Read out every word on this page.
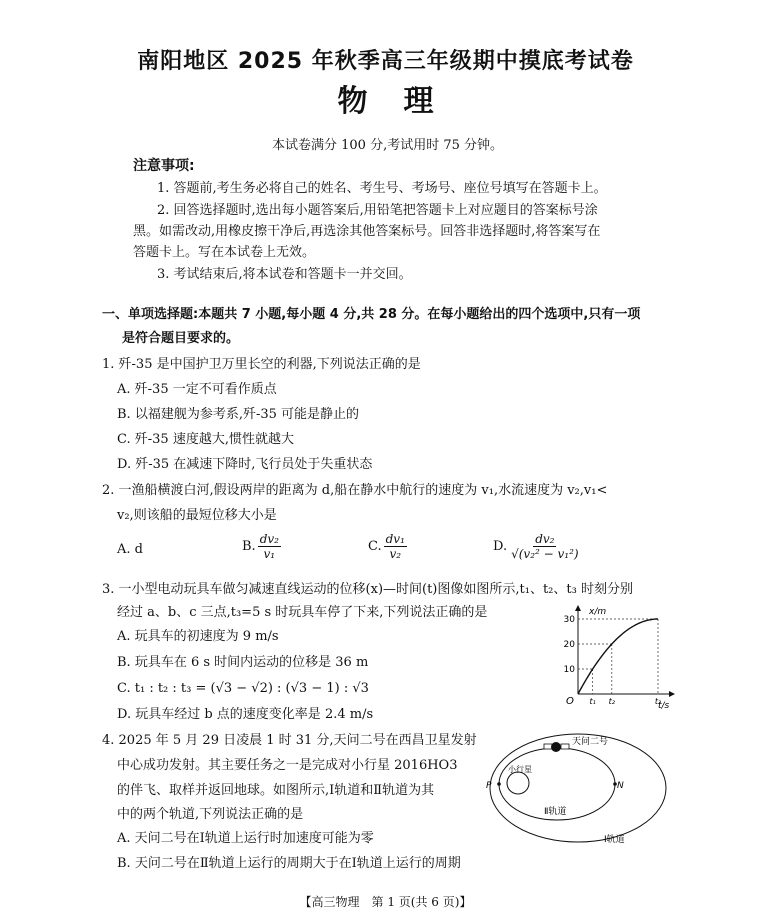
南阳地区 2025 年秋季高三年级期中摸底考试卷
物理
本试卷满分 100 分,考试用时 75 分钟。
注意事项:
1. 答题前,考生务必将自己的姓名、考生号、考场号、座位号填写在答题卡上。
2. 回答选择题时,选出每小题答案后,用铅笔把答题卡上对应题目的答案标号涂
黑。如需改动,用橡皮擦干净后,再选涂其他答案标号。回答非选择题时,将答案写在
答题卡上。写在本试卷上无效。
3. 考试结束后,将本试卷和答题卡一并交回。
一、单项选择题:本题共 7 小题,每小题 4 分,共 28 分。在每小题给出的四个选项中,只有一项
是符合题目要求的。
1. 歼-35 是中国护卫万里长空的利器,下列说法正确的是
A. 歼-35 一定不可看作质点
B. 以福建舰为参考系,歼-35 可能是静止的
C. 歼-35 速度越大,惯性就越大
D. 歼-35 在减速下降时,飞行员处于失重状态
2. 一渔船横渡白河,假设两岸的距离为 d,船在静水中航行的速度为 v₁,水流速度为 v₂,v₁<
v₂,则该船的最短位移大小是
A. d	B. $\frac{\text{dv₂}}{\text{v₁}}$	C. $\frac{\text{dv₁}}{\text{v₂}}$	D. $\frac{\text{dv₂}}{\text{√(v₂² − v₁²)}}$
3. 一小型电动玩具车做匀减速直线运动的位移(x)—时间(t)图像如图所示,t₁、t₂、t₃ 时刻分别
经过 a、b、c 三点,t₃=5 s 时玩具车停了下来,下列说法正确的是
A. 玩具车的初速度为 9 m/s
B. 玩具车在 6 s 时间内运动的位移是 36 m
C. t₁ : t₂ : t₃ = (√3 − √2) : (√3 − 1) : √3
D. 玩具车经过 b 点的速度变化率是 2.4 m/s
O
x/m
t/s
10
20
30
t₁ t₂	t₃
4. 2025 年 5 月 29 日凌晨 1 时 31 分,天问二号在西昌卫星发射
中心成功发射。其主要任务之一是完成对小行星 2016HO3
的伴飞、取样并返回地球。如图所示,Ⅰ轨道和Ⅱ轨道为其
中的两个轨道,下列说法正确的是
A. 天问二号在Ⅰ轨道上运行时加速度可能为零
B. 天问二号在Ⅱ轨道上运行的周期大于在Ⅰ轨道上运行的周期
小行星
P	N
天问二号
Ⅱ轨道
Ⅰ轨道
【高三物理　第 1 页(共 6 页)】
